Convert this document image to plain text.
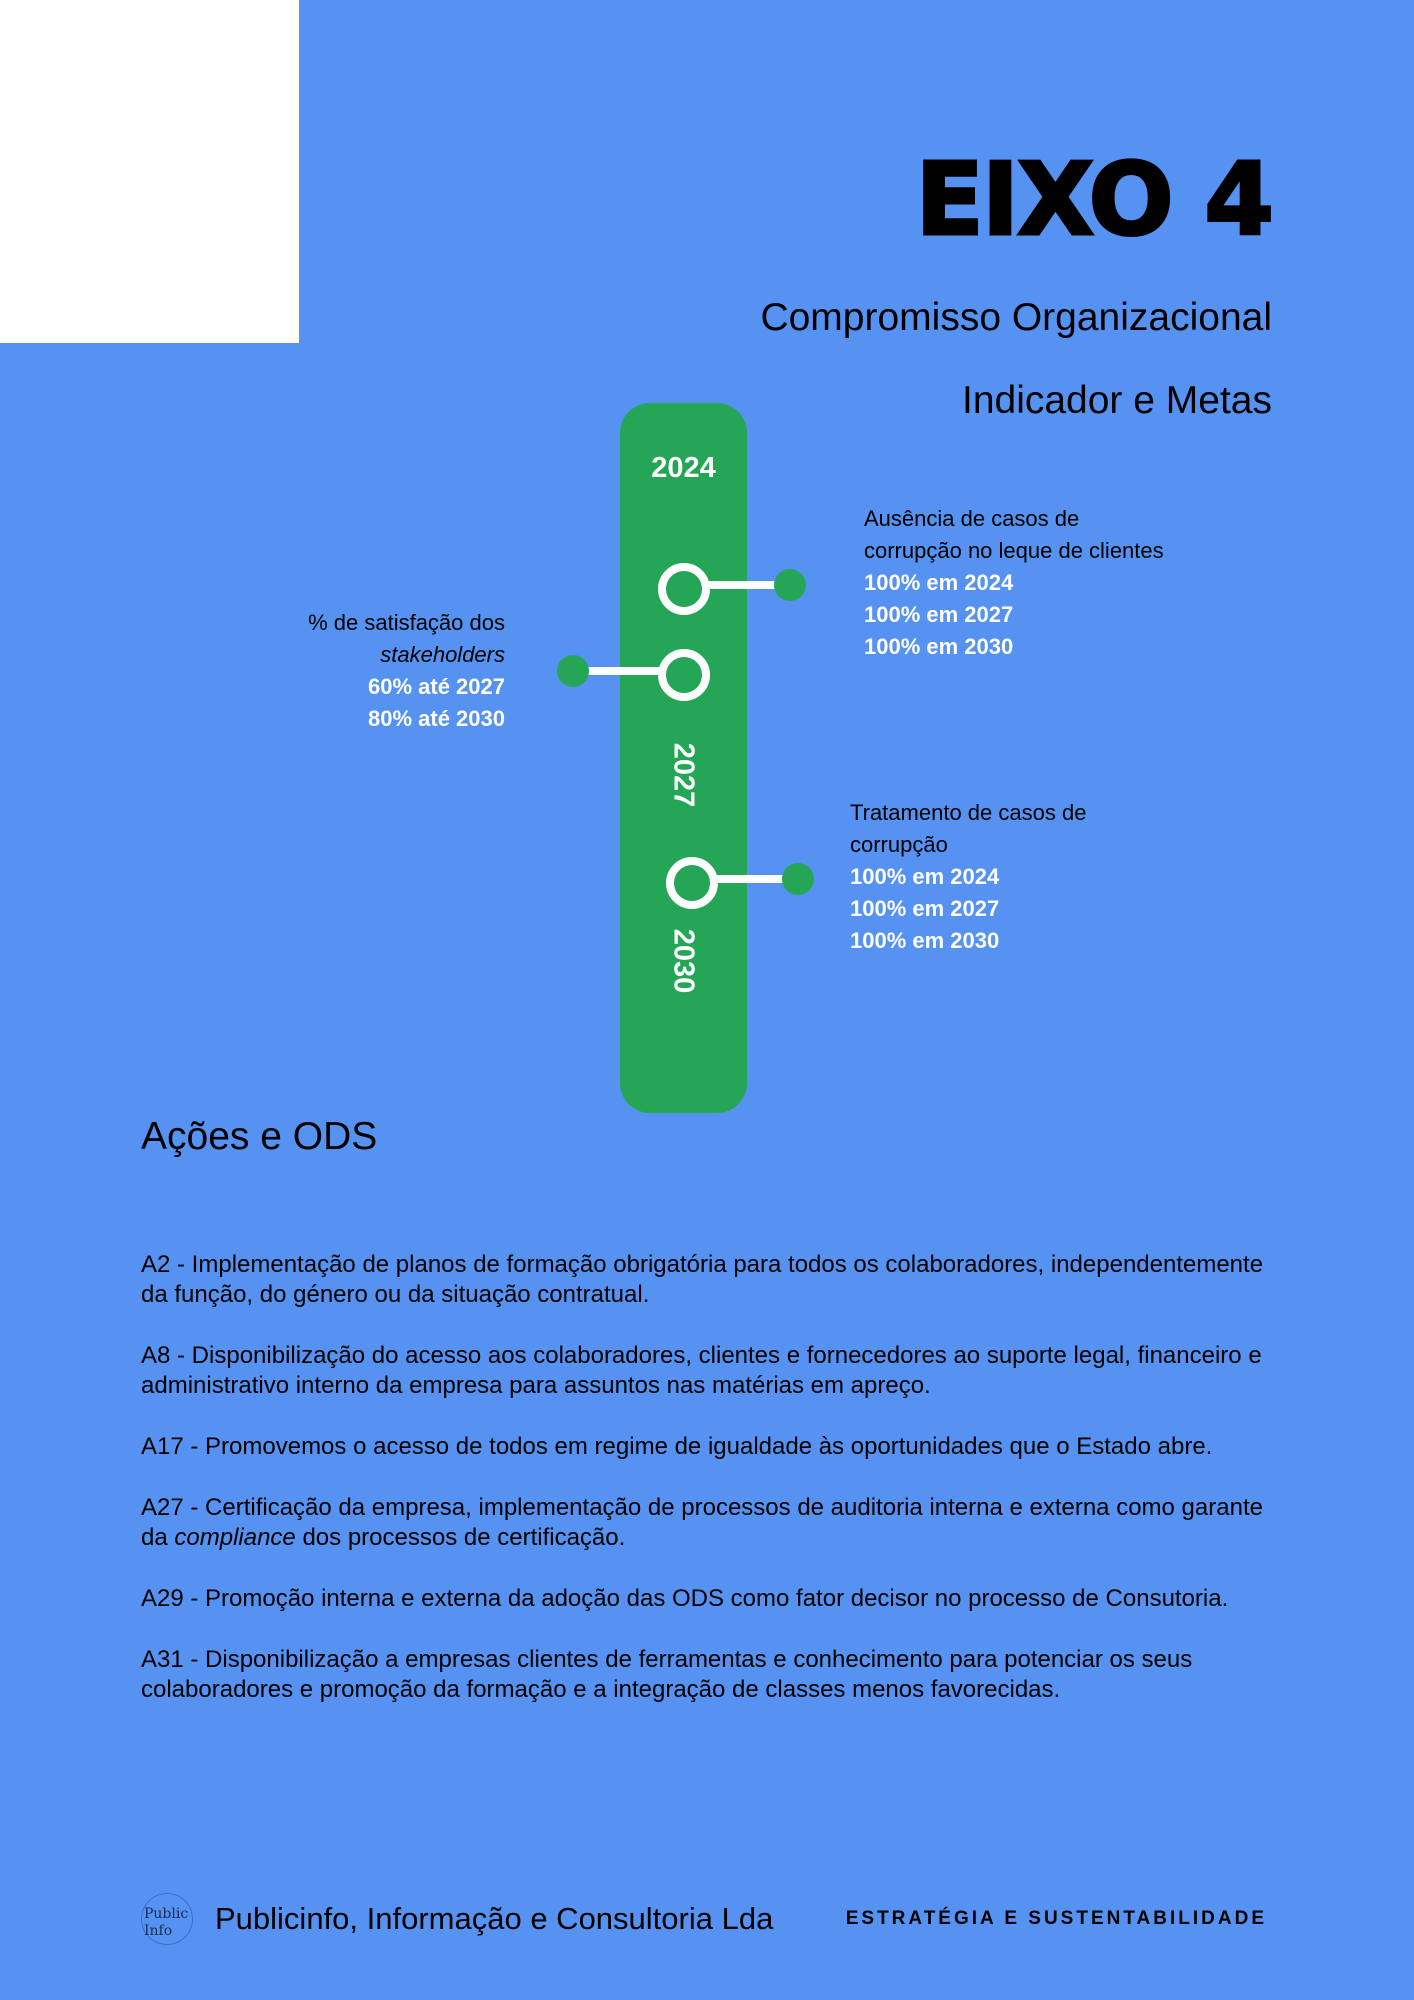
EIXO 4
Compromisso Organizacional
Indicador e Metas
2024
2027
2030
Ausência de casos de
corrupção no leque de clientes
100% em 2024
100% em 2027
100% em 2030
% de satisfação dos
stakeholders
60% até 2027
80% até 2030
Tratamento de casos de
corrupção
100% em 2024
100% em 2027
100% em 2030
Ações e ODS

A2 - Implementação de planos de formação obrigatória para todos os colaboradores, independentemente da função, do género ou da situação contratual.

A8 - Disponibilização do acesso aos colaboradores, clientes e fornecedores ao suporte legal, financeiro e administrativo interno da empresa para assuntos nas matérias em apreço.

A17 - Promovemos o acesso de todos em regime de igualdade às oportunidades que o Estado abre.

A27 - Certificação da empresa, implementação de processos de auditoria interna e externa como garante da compliance dos processos de certificação.

A29 - Promoção interna e externa da adoção das ODS como fator decisor no processo de Consutoria.

A31 - Disponibilização a empresas clientes de ferramentas e conhecimento para potenciar os seus colaboradores e promoção da formação e a integração de classes menos favorecidas.

Public
Info	Publicinfo, Informação e Consultoria Lda	ESTRATÉGIA E SUSTENTABILIDADE
